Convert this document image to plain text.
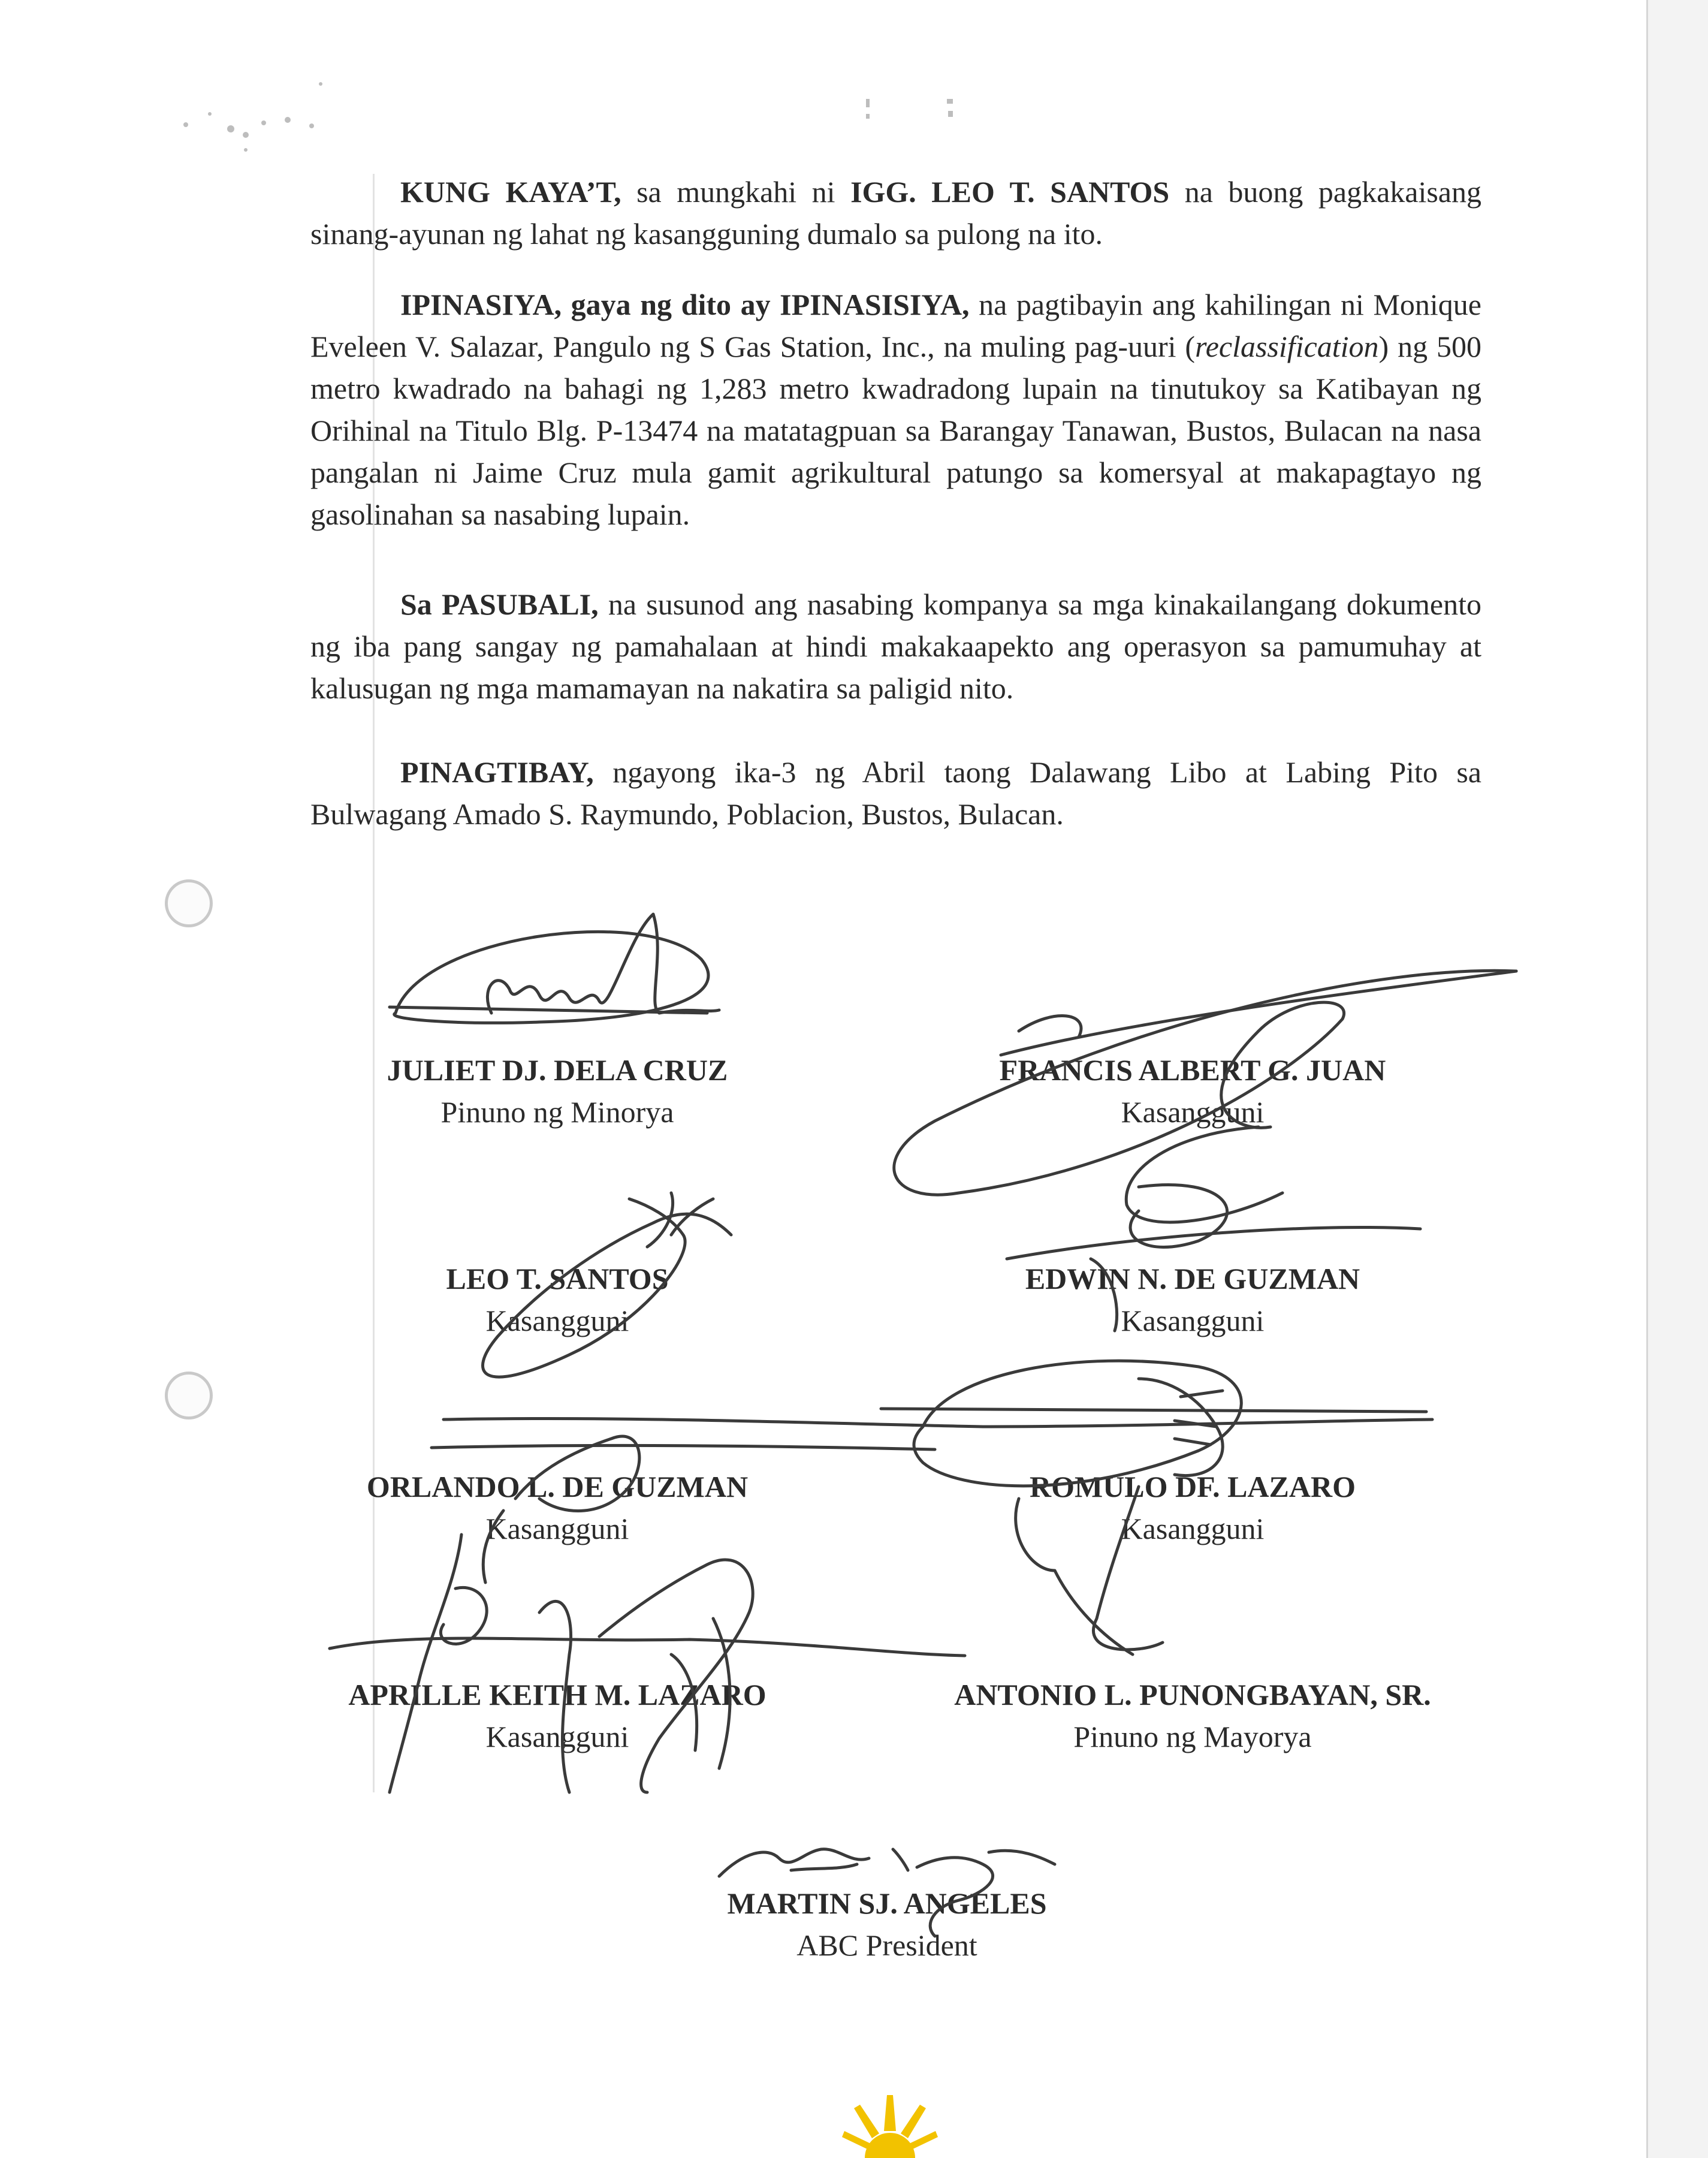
KUNG KAYA’T, sa mungkahi ni IGG. LEO T. SANTOS na buong pagkakaisang sinang-ayunan ng lahat ng kasangguning dumalo sa pulong na ito.

IPINASIYA, gaya ng dito ay IPINASISIYA, na pagtibayin ang kahilingan ni Monique Eveleen V. Salazar, Pangulo ng S Gas Station, Inc., na muling pag-uuri (reclassification) ng 500 metro kwadrado na bahagi ng 1,283 metro kwadradong lupain na tinutukoy sa Katibayan ng Orihinal na Titulo Blg. P-13474 na matatagpuan sa Barangay Tanawan, Bustos, Bulacan na nasa pangalan ni Jaime Cruz mula gamit agrikultural patungo sa komersyal at makapagtayo ng gasolinahan sa nasabing lupain.

Sa PASUBALI, na susunod ang nasabing kompanya sa mga kinakailangang dokumento ng iba pang sangay ng pamahalaan at hindi makakaapekto ang operasyon sa pamumuhay at kalusugan ng mga mamamayan na nakatira sa paligid nito.

PINAGTIBAY, ngayong ika-3 ng Abril taong Dalawang Libo at Labing Pito sa Bulwagang Amado S. Raymundo, Poblacion, Bustos, Bulacan.

JULIET DJ. DELA CRUZ
Pinuno ng Minorya
FRANCIS ALBERT G. JUAN
Kasangguni
LEO T. SANTOS
Kasangguni
EDWIN N. DE GUZMAN
Kasangguni
ORLANDO L. DE GUZMAN
Kasangguni
ROMULO DF. LAZARO
Kasangguni
APRILLE KEITH M. LAZARO
Kasangguni
ANTONIO L. PUNONGBAYAN, SR.
Pinuno ng Mayorya
MARTIN SJ. ANGELES
ABC President
